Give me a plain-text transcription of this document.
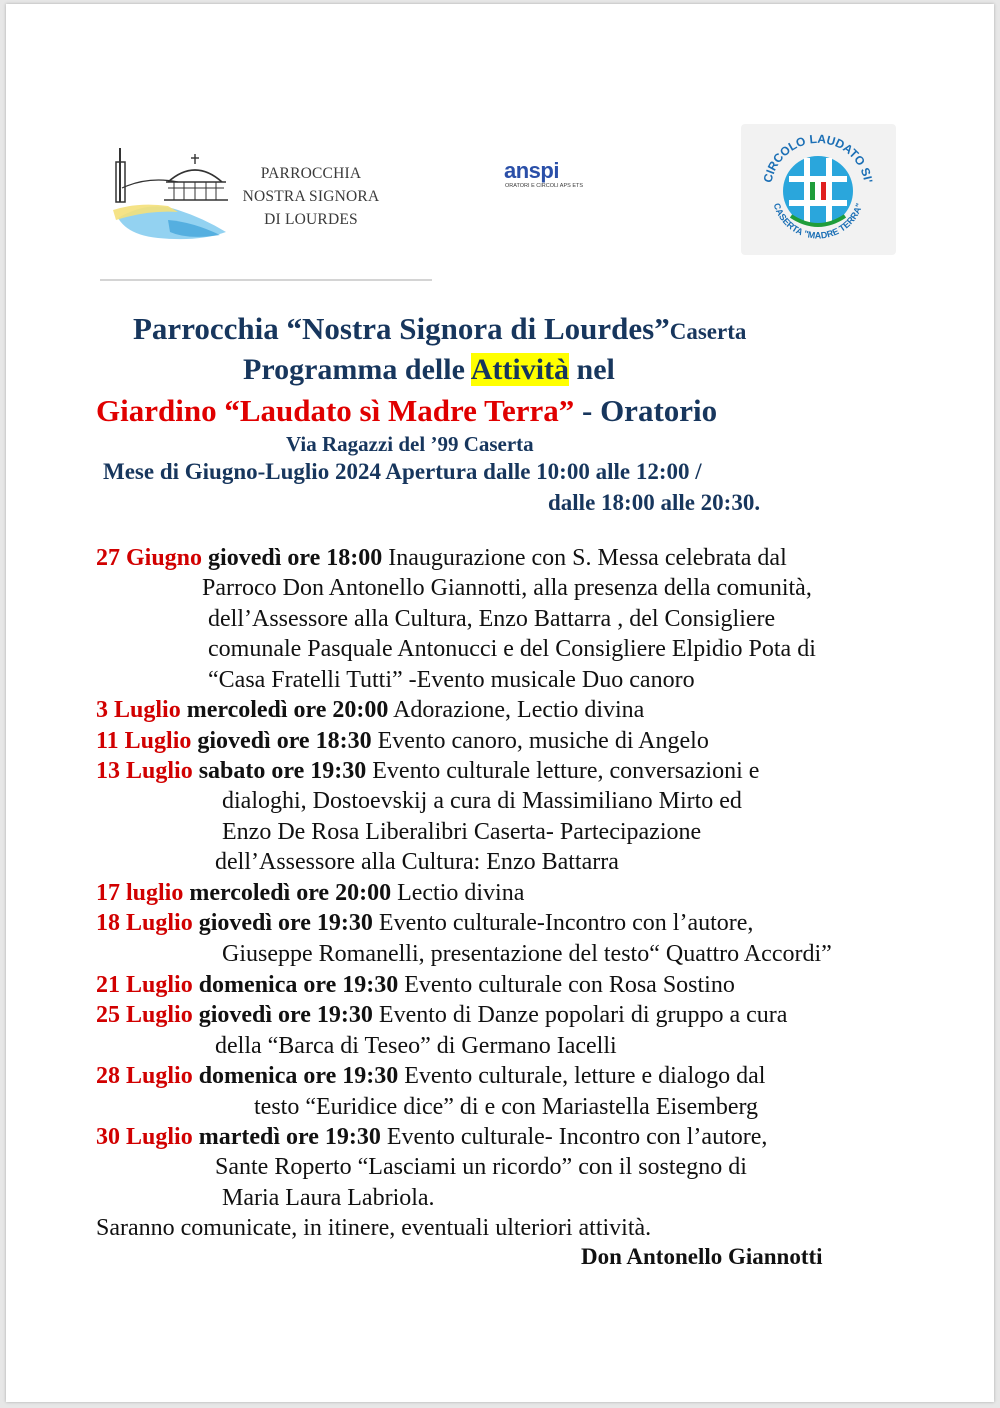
PARROCCHIA
NOSTRA SIGNORA
DI LOURDES
anspi
ORATORI E CIRCOLI APS ETS
CIRCOLO LAUDATO SI'
CASERTA "MADRE TERRA"
Parrocchia “Nostra Signora di Lourdes”Caserta
Programma delle Attività nel
Giardino “Laudato sì Madre Terra” - Oratorio
Via Ragazzi del ’99 Caserta
Mese di Giugno-Luglio 2024 Apertura dalle 10:00 alle 12:00 /
dalle 18:00 alle 20:30.
27 Giugno giovedì ore 18:00 Inaugurazione con S. Messa celebrata dal
Parroco Don Antonello Giannotti, alla presenza della comunità,
dell’Assessore alla Cultura, Enzo Battarra , del Consigliere
comunale Pasquale Antonucci e del Consigliere Elpidio Pota di
“Casa Fratelli Tutti” -Evento musicale Duo canoro
3 Luglio mercoledì ore 20:00 Adorazione, Lectio divina
11 Luglio giovedì ore 18:30 Evento canoro, musiche di Angelo
13 Luglio sabato ore 19:30 Evento culturale letture, conversazioni e
dialoghi, Dostoevskij a cura di Massimiliano Mirto ed
Enzo De Rosa Liberalibri Caserta- Partecipazione
dell’Assessore alla Cultura: Enzo Battarra
17 luglio mercoledì ore 20:00 Lectio divina
18 Luglio giovedì ore 19:30 Evento culturale-Incontro con l’autore,
Giuseppe Romanelli, presentazione del testo“ Quattro Accordi”
21 Luglio domenica ore 19:30 Evento culturale con Rosa Sostino
25 Luglio giovedì ore 19:30 Evento di Danze popolari di gruppo a cura
della “Barca di Teseo” di Germano Iacelli
28 Luglio domenica ore 19:30 Evento culturale, letture e dialogo dal
testo “Euridice dice” di e con Mariastella Eisemberg
30 Luglio martedì ore 19:30 Evento culturale- Incontro con l’autore,
Sante Roperto “Lasciami un ricordo” con il sostegno di
Maria Laura Labriola.
Saranno comunicate, in itinere, eventuali ulteriori attività.
Don Antonello Giannotti
